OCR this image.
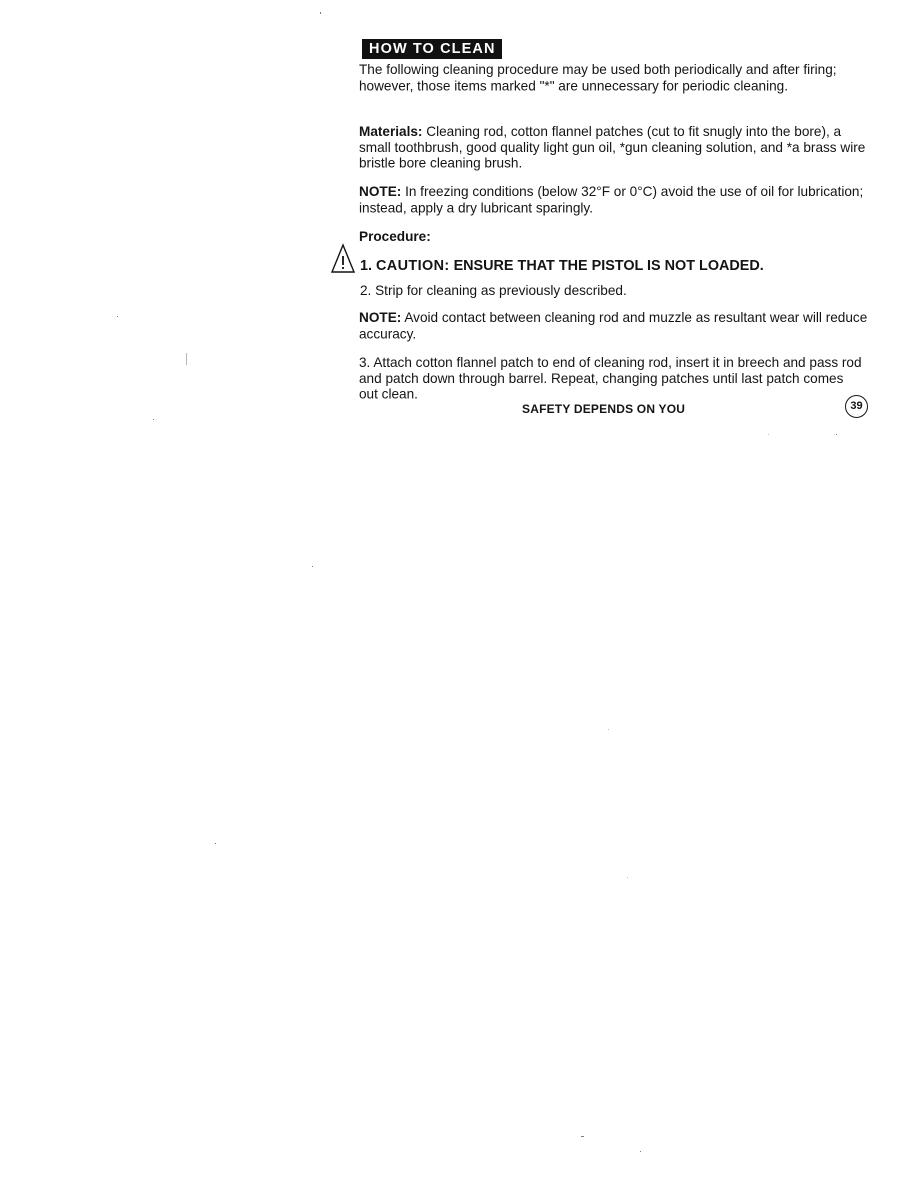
HOW TO CLEAN
The following cleaning procedure may be used both periodically and after firing; however, those items marked "*" are unnecessary for periodic cleaning.
Materials: Cleaning rod, cotton flannel patches (cut to fit snugly into the bore), a small toothbrush, good quality light gun oil, *gun cleaning solution, and *a brass wire bristle bore cleaning brush.
NOTE: In freezing conditions (below 32°F or 0°C) avoid the use of oil for lubrication; instead, apply a dry lubricant sparingly.
Procedure:
1. CAUTION: ENSURE THAT THE PISTOL IS NOT LOADED.
2. Strip for cleaning as previously described.
NOTE: Avoid contact between cleaning rod and muzzle as resultant wear will reduce accuracy.
3. Attach cotton flannel patch to end of cleaning rod, insert it in breech and pass rod and patch down through barrel. Repeat, changing patches until last patch comes out clean.
SAFETY DEPENDS ON YOU	39
